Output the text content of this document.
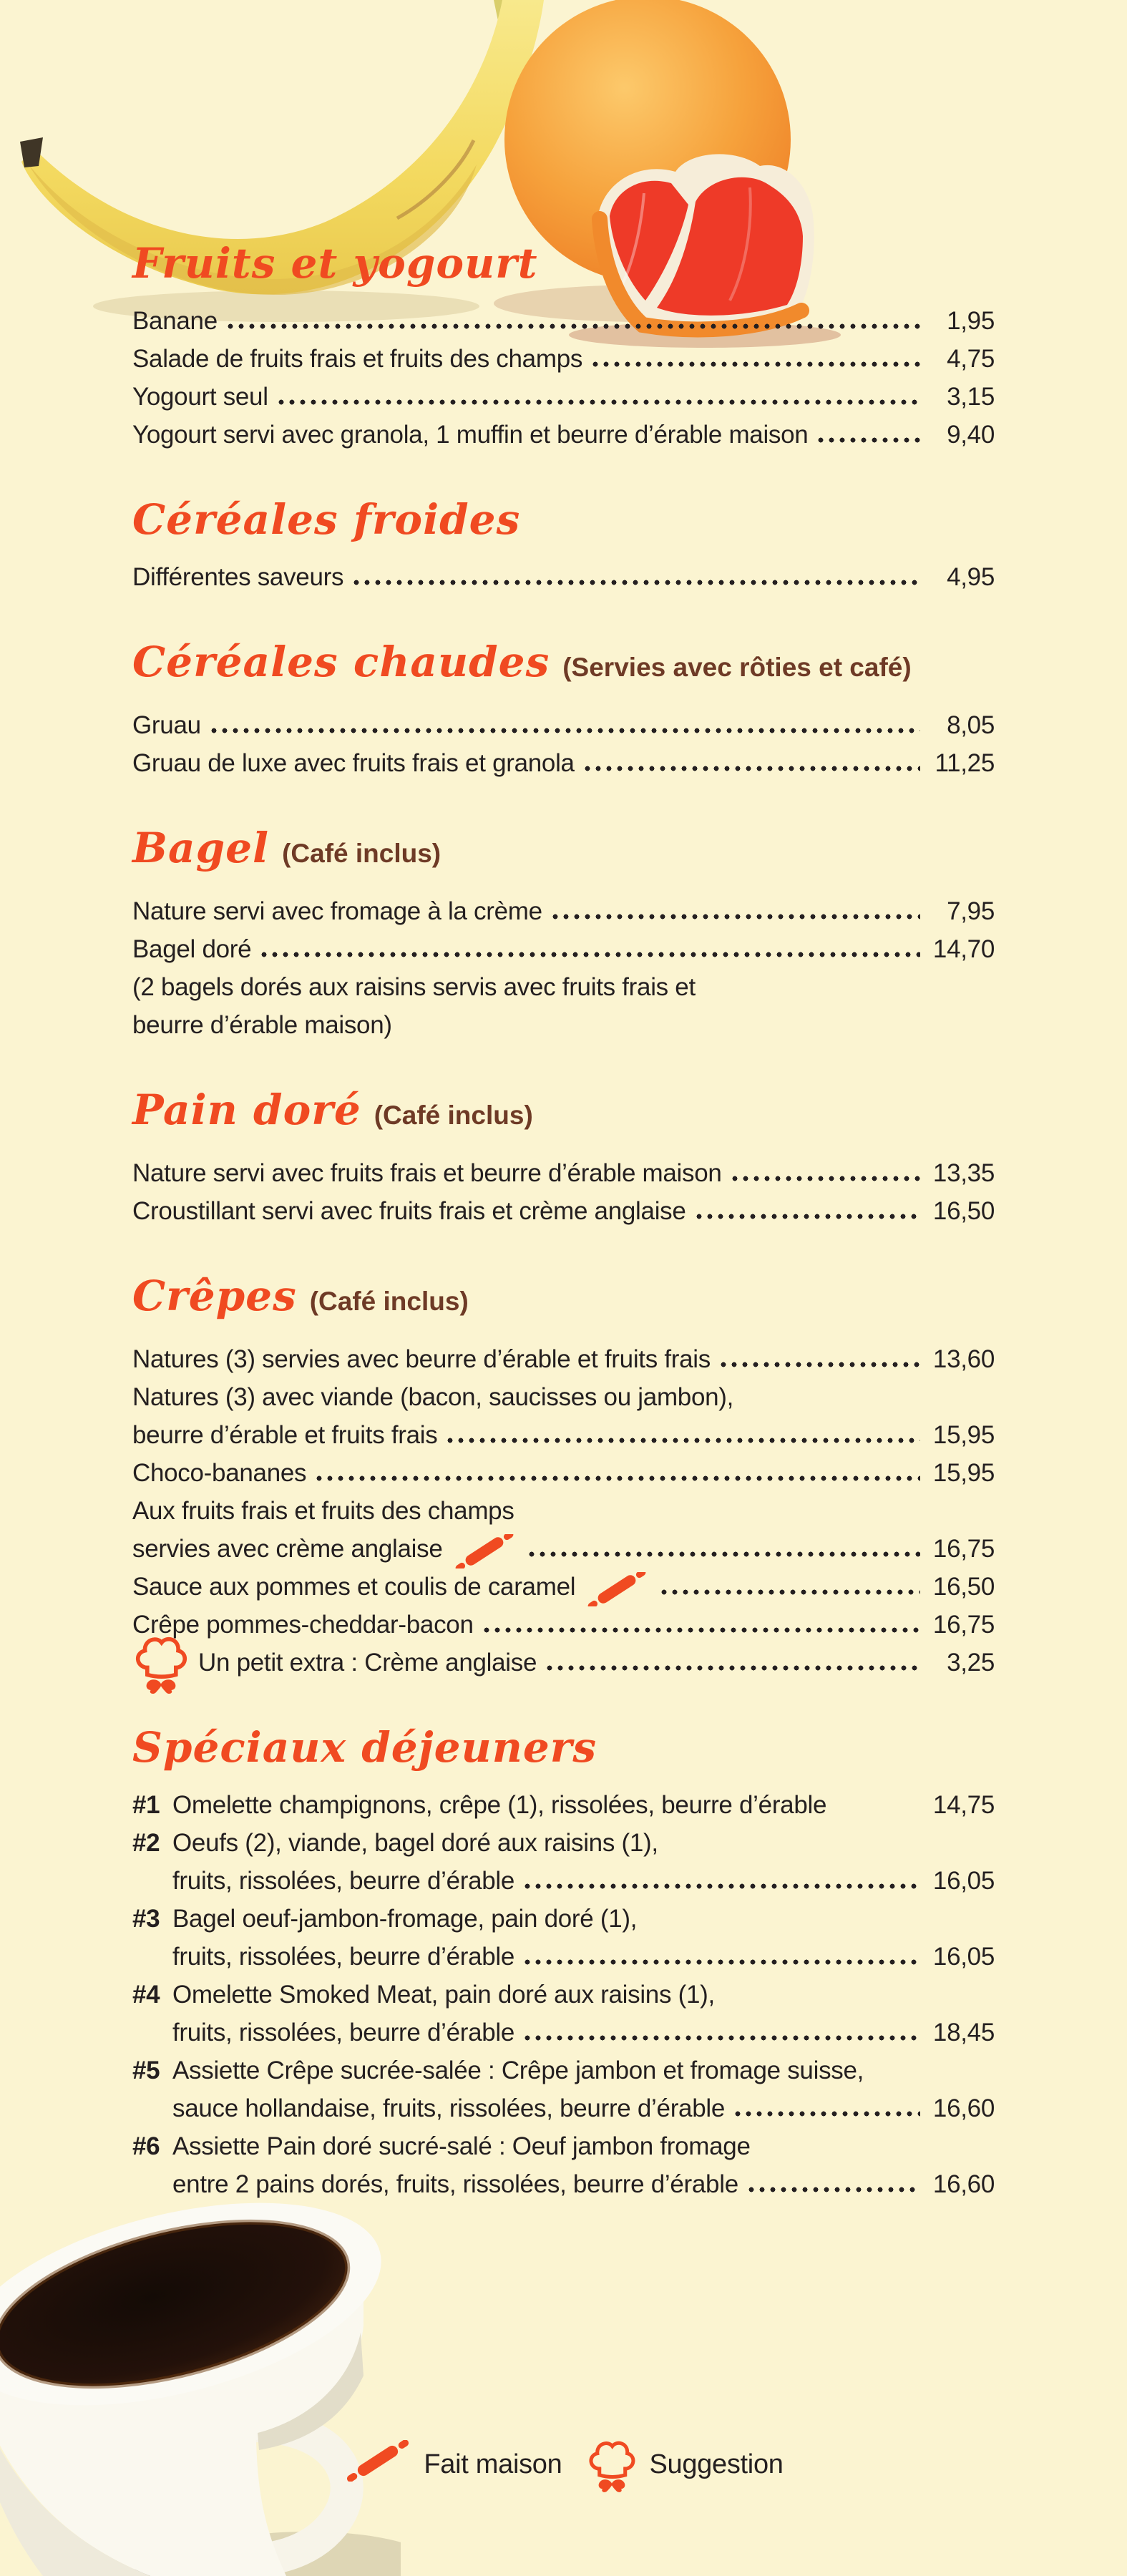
Fruits et yogourt
Banane	1,95
Salade de fruits frais et fruits des champs	4,75
Yogourt seul	3,15
Yogourt servi avec granola, 1 muffin et beurre d’érable maison	9,40
Céréales froides
Différentes saveurs	4,95
Céréales chaudes (Servies avec rôties et café)
Gruau	8,05
Gruau de luxe avec fruits frais et granola	11,25
Bagel (Café inclus)
Nature servi avec fromage à la crème	7,95
Bagel doré	14,70
(2 bagels dorés aux raisins servis avec fruits frais et
beurre d’érable maison)
Pain doré (Café inclus)
Nature servi avec fruits frais et beurre d’érable maison	13,35
Croustillant servi avec fruits frais et crème anglaise	16,50
Crêpes (Café inclus)
Natures (3) servies avec beurre d’érable et fruits frais	13,60
Natures (3) avec viande (bacon, saucisses ou jambon),
beurre d’érable et fruits frais	15,95
Choco-bananes	15,95
Aux fruits frais et fruits des champs
servies avec crème anglaise	16,75
Sauce aux pommes et coulis de caramel	16,50
Crêpe pommes-cheddar-bacon	16,75
Un petit extra : Crème anglaise	3,25
Spéciaux déjeuners
#1 Omelette champignons, crêpe (1), rissolées, beurre d’érable	14,75
#2 Oeufs (2), viande, bagel doré aux raisins (1),
fruits, rissolées, beurre d’érable	16,05
#3 Bagel oeuf-jambon-fromage, pain doré (1),
fruits, rissolées, beurre d’érable	16,05
#4 Omelette Smoked Meat, pain doré aux raisins (1),
fruits, rissolées, beurre d’érable	18,45
#5 Assiette Crêpe sucrée-salée : Crêpe jambon et fromage suisse,
sauce hollandaise, fruits, rissolées, beurre d’érable	16,60
#6 Assiette Pain doré sucré-salé : Oeuf jambon fromage
entre 2 pains dorés, fruits, rissolées, beurre d’érable	16,60
Fait maison	Suggestion
